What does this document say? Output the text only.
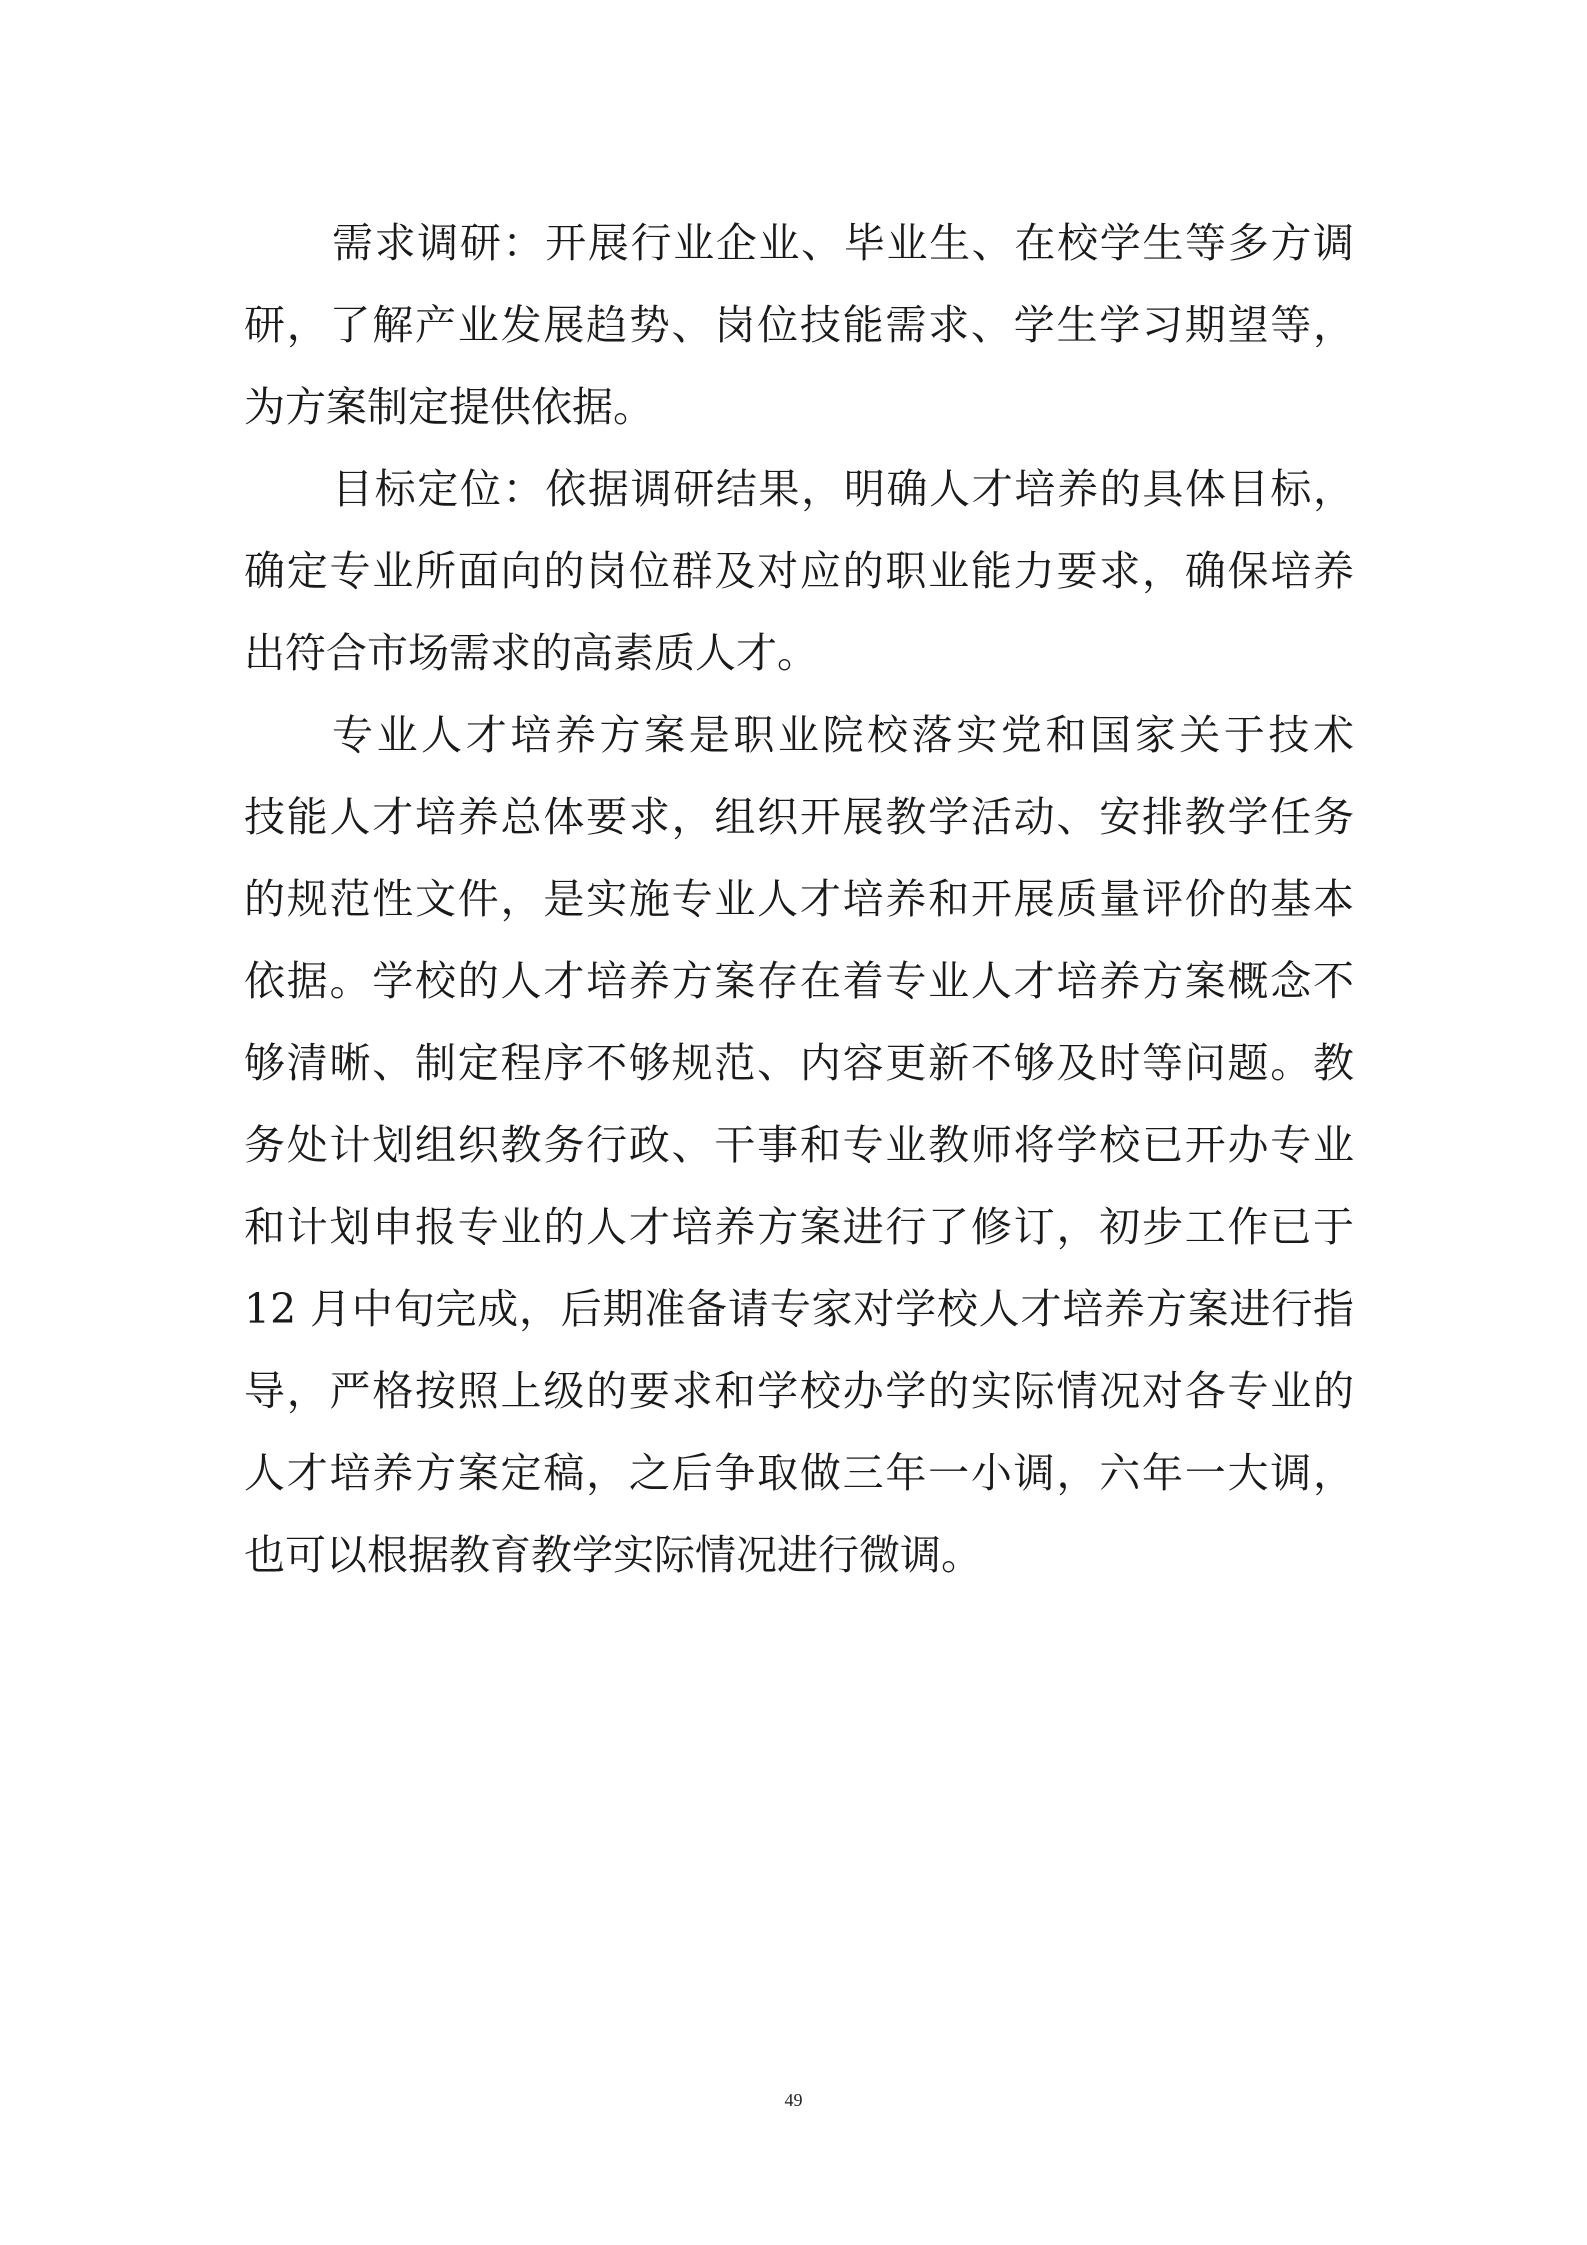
需求调研：开展行业企业、毕业生、在校学生等多方调
研，了解产业发展趋势、岗位技能需求、学生学习期望等，
为方案制定提供依据。
目标定位：依据调研结果，明确人才培养的具体目标，
确定专业所面向的岗位群及对应的职业能力要求，确保培养
出符合市场需求的高素质人才。
专业人才培养方案是职业院校落实党和国家关于技术
技能人才培养总体要求，组织开展教学活动、安排教学任务
的规范性文件，是实施专业人才培养和开展质量评价的基本
依据。学校的人才培养方案存在着专业人才培养方案概念不
够清晰、制定程序不够规范、内容更新不够及时等问题。教
务处计划组织教务行政、干事和专业教师将学校已开办专业
和计划申报专业的人才培养方案进行了修订，初步工作已于
12 月中旬完成，后期准备请专家对学校人才培养方案进行指
导，严格按照上级的要求和学校办学的实际情况对各专业的
人才培养方案定稿，之后争取做三年一小调，六年一大调，
也可以根据教育教学实际情况进行微调。
49
